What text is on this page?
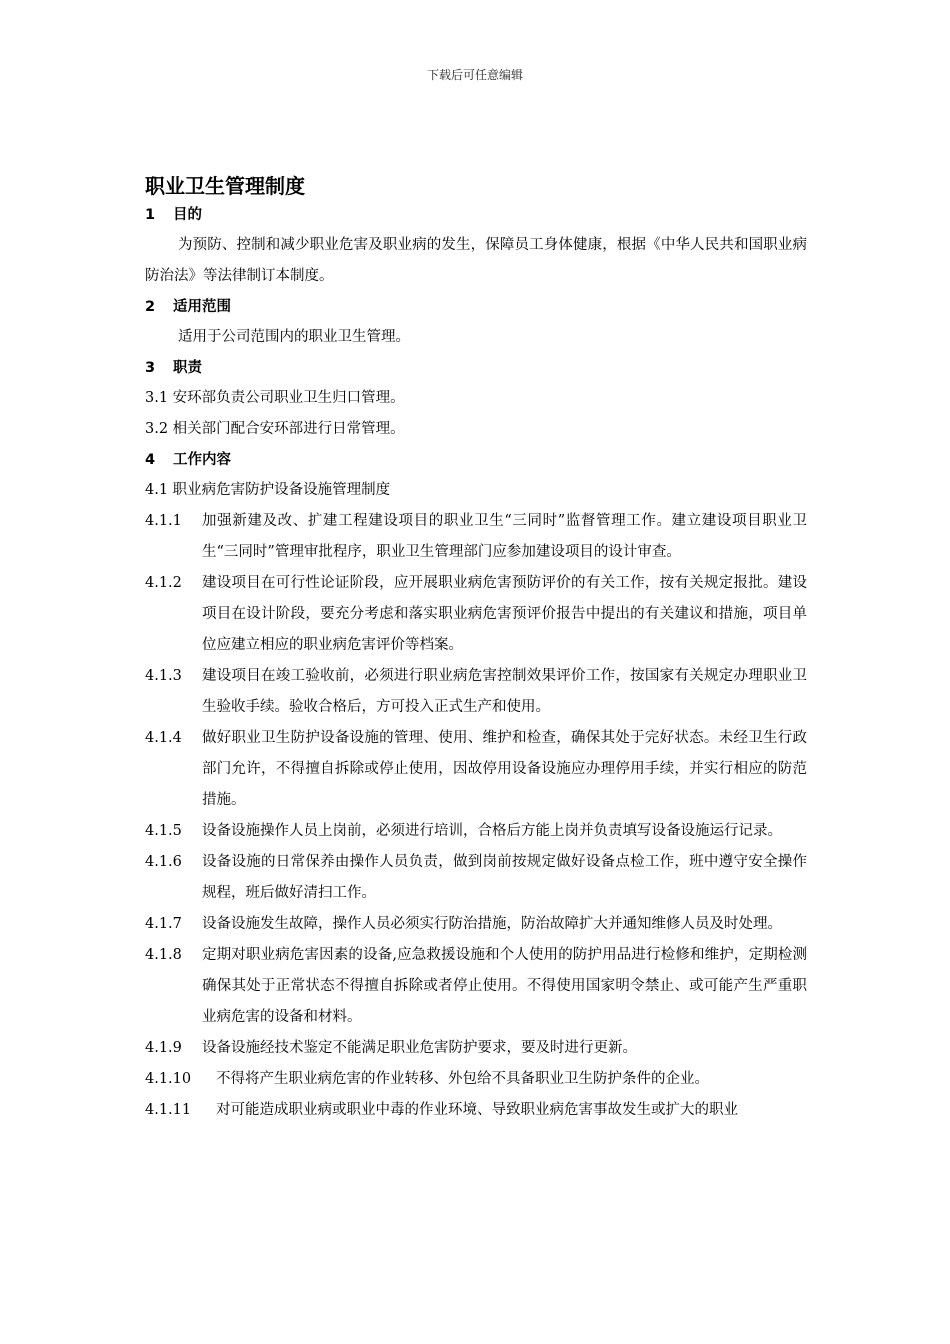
下载后可任意编辑
职业卫生管理制度
1 目的
为预防、控制和减少职业危害及职业病的发生，保障员工身体健康，根据《中华人民共和国职业病防治法》等法律制订本制度。
2 适用范围
适用于公司范围内的职业卫生管理。
3 职责
3.1 安环部负责公司职业卫生归口管理。
3.2 相关部门配合安环部进行日常管理。
4 工作内容
4.1 职业病危害防护设备设施管理制度
4.1.1 加强新建及改、扩建工程建设项目的职业卫生“三同时”监督管理工作。建立建设项目职业卫生“三同时”管理审批程序，职业卫生管理部门应参加建设项目的设计审查。
4.1.2 建设项目在可行性论证阶段，应开展职业病危害预防评价的有关工作，按有关规定报批。建设项目在设计阶段，要充分考虑和落实职业病危害预评价报告中提出的有关建议和措施，项目单位应建立相应的职业病危害评价等档案。
4.1.3 建设项目在竣工验收前，必须进行职业病危害控制效果评价工作，按国家有关规定办理职业卫生验收手续。验收合格后，方可投入正式生产和使用。
4.1.4 做好职业卫生防护设备设施的管理、使用、维护和检查，确保其处于完好状态。未经卫生行政部门允许，不得擅自拆除或停止使用，因故停用设备设施应办理停用手续，并实行相应的防范措施。
4.1.5 设备设施操作人员上岗前，必须进行培训，合格后方能上岗并负责填写设备设施运行记录。
4.1.6 设备设施的日常保养由操作人员负责，做到岗前按规定做好设备点检工作，班中遵守安全操作规程，班后做好清扫工作。
4.1.7 设备设施发生故障，操作人员必须实行防治措施，防治故障扩大并通知维修人员及时处理。
4.1.8 定期对职业病危害因素的设备,应急救援设施和个人使用的防护用品进行检修和维护，定期检测确保其处于正常状态不得擅自拆除或者停止使用。不得使用国家明令禁止、或可能产生严重职业病危害的设备和材料。
4.1.9 设备设施经技术鉴定不能满足职业危害防护要求，要及时进行更新。
4.1.10 不得将产生职业病危害的作业转移、外包给不具备职业卫生防护条件的企业。
4.1.11 对可能造成职业病或职业中毒的作业环境、导致职业病危害事故发生或扩大的职业
